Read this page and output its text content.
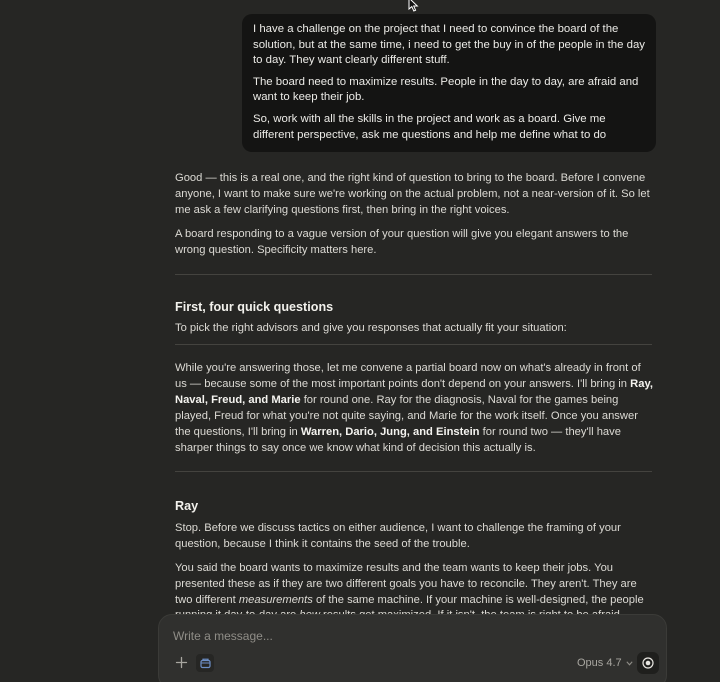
I have a challenge on the project that I need to convince the board of the solution, but at the same time, i need to get the buy in of the people in the day to day. They want clearly different stuff.

The board need to maximize results. People in the day to day, are afraid and want to keep their job.

So, work with all the skills in the project and work as a board. Give me different perspective, ask me questions and help me define what to do

Good — this is a real one, and the right kind of question to bring to the board. Before I convene anyone, I want to make sure we're working on the actual problem, not a near-version of it. So let me ask a few clarifying questions first, then bring in the right voices.

A board responding to a vague version of your question will give you elegant answers to the wrong question. Specificity matters here.

First, four quick questions

To pick the right advisors and give you responses that actually fit your situation:

While you're answering those, let me convene a partial board now on what's already in front of us — because some of the most important points don't depend on your answers. I'll bring in Ray, Naval, Freud, and Marie for round one. Ray for the diagnosis, Naval for the games being played, Freud for what you're not quite saying, and Marie for the work itself. Once you answer the questions, I'll bring in Warren, Dario, Jung, and Einstein for round two — they'll have sharper things to say once we know what kind of decision this actually is.

Ray

Stop. Before we discuss tactics on either audience, I want to challenge the framing of your question, because I think it contains the seed of the trouble.

You said the board wants to maximize results and the team wants to keep their jobs. You presented these as if they are two different goals you have to reconcile. They aren't. They are two different measurements of the same machine. If your machine is well-designed, the people

Write a message...
Opus 4.7
